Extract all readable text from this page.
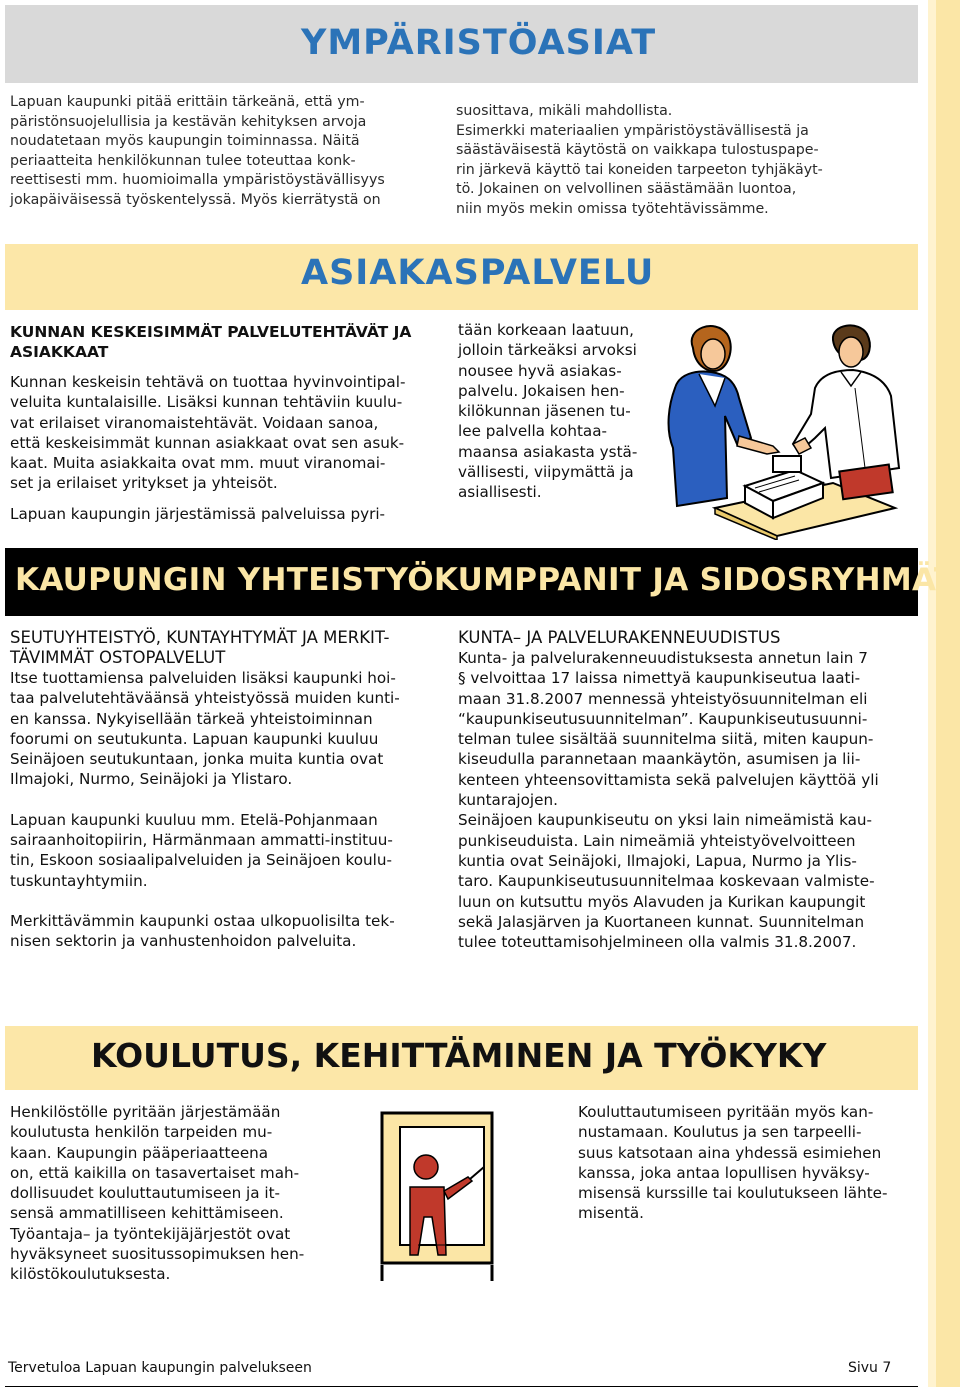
YMPÄRISTÖASIAT

Lapuan kaupunki pitää erittäin tärkeänä, että ym-

päristönsuojelullisia ja kestävän kehityksen arvoja

noudatetaan myös kaupungin toiminnassa. Näitä

periaatteita henkilökunnan tulee toteuttaa konk-

reettisesti mm. huomioimalla ympäristöystävällisyys

jokapäiväisessä työskentelyssä. Myös kierrätystä on

suosittava, mikäli mahdollista.

Esimerkki materiaalien ympäristöystävällisestä ja

säästäväisestä käytöstä on vaikkapa tulostuspape-

rin järkevä käyttö tai koneiden tarpeeton tyhjäkäyt-

tö. Jokainen on velvollinen säästämään luontoa,

niin myös mekin omissa työtehtävissämme.

ASIAKASPALVELU

KUNNAN KESKEISIMMÄT PALVELUTEHTÄVÄT JA

ASIAKKAAT

Kunnan keskeisin tehtävä on tuottaa hyvinvointipal-

veluita kuntalaisille. Lisäksi kunnan tehtäviin kuulu-

vat erilaiset viranomaistehtävät. Voidaan sanoa,

että keskeisimmät kunnan asiakkaat ovat sen asuk-

kaat. Muita asiakkaita ovat mm. muut viranomai-

set ja erilaiset yritykset ja yhteisöt.

Lapuan kaupungin järjestämissä palveluissa pyri-

tään korkeaan laatuun,

jolloin tärkeäksi arvoksi

nousee hyvä asiakas-

palvelu. Jokaisen hen-

kilökunnan jäsenen tu-

lee palvella kohtaa-

maansa asiakasta ystä-

vällisesti, viipymättä ja

asiallisesti.

KAUPUNGIN YHTEISTYÖKUMPPANIT JA SIDOSRYHMÄT

SEUTUYHTEISTYÖ, KUNTAYHTYMÄT JA MERKIT-

TÄVIMMÄT OSTOPALVELUT

Itse tuottamiensa palveluiden lisäksi kaupunki hoi-

taa palvelutehtäväänsä yhteistyössä muiden kunti-

en kanssa. Nykyisellään tärkeä yhteistoiminnan

foorumi on seutukunta. Lapuan kaupunki kuuluu

Seinäjoen seutukuntaan, jonka muita kuntia ovat

Ilmajoki, Nurmo, Seinäjoki ja Ylistaro.

Lapuan kaupunki kuuluu mm. Etelä-Pohjanmaan

sairaanhoitopiirin, Härmänmaan ammatti-instituu-

tin, Eskoon sosiaalipalveluiden ja Seinäjoen koulu-

tuskuntayhtymiin.

Merkittävämmin kaupunki ostaa ulkopuolisilta tek-

nisen sektorin ja vanhustenhoidon palveluita.

KUNTA– JA PALVELURAKENNEUUDISTUS

Kunta- ja palvelurakenneuudistuksesta annetun lain 7

§ velvoittaa 17 laissa nimettyä kaupunkiseutua laati-

maan 31.8.2007 mennessä yhteistyösuunnitelman eli

“kaupunkiseutusuunnitelman”. Kaupunkiseutusuunni-

telman tulee sisältää suunnitelma siitä, miten kaupun-

kiseudulla parannetaan maankäytön, asumisen ja lii-

kenteen yhteensovittamista sekä palvelujen käyttöä yli

kuntarajojen.

Seinäjoen kaupunkiseutu on yksi lain nimeämistä kau-

punkiseuduista. Lain nimeämiä yhteistyövelvoitteen

kuntia ovat Seinäjoki, Ilmajoki, Lapua, Nurmo ja Ylis-

taro. Kaupunkiseutusuunnitelmaa koskevaan valmiste-

luun on kutsuttu myös Alavuden ja Kurikan kaupungit

sekä Jalasjärven ja Kuortaneen kunnat. Suunnitelman

tulee toteuttamisohjelmineen olla valmis 31.8.2007.

KOULUTUS, KEHITTÄMINEN JA TYÖKYKY

Henkilöstölle pyritään järjestämään

koulutusta henkilön tarpeiden mu-

kaan. Kaupungin pääperiaatteena

on, että kaikilla on tasavertaiset mah-

dollisuudet kouluttautumiseen ja it-

sensä ammatilliseen kehittämiseen.

Työantaja– ja työntekijäjärjestöt ovat

hyväksyneet suositussopimuksen hen-

kilöstökoulutuksesta.

Kouluttautumiseen pyritään myös kan-

nustamaan. Koulutus ja sen tarpeelli-

suus katsotaan aina yhdessä esimiehen

kanssa, joka antaa lopullisen hyväksy-

misensä kurssille tai koulutukseen lähte-

misentä.

Tervetuloa Lapuan kaupungin palvelukseen	Sivu 7
